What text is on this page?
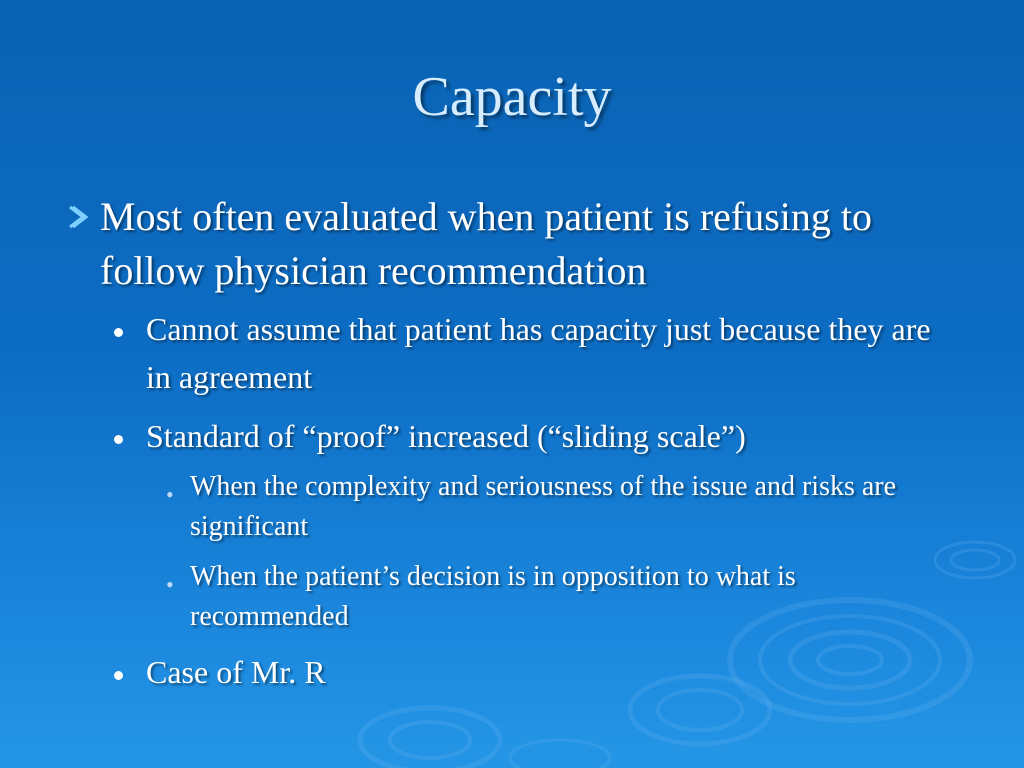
Capacity
Most often evaluated when patient is refusing to follow physician recommendation
Cannot assume that patient has capacity just because they are in agreement
Standard of “proof” increased (“sliding scale”)
• When the complexity and seriousness of the issue and risks are significant
• When the patient’s decision is in opposition to what is recommended
Case of Mr. R
